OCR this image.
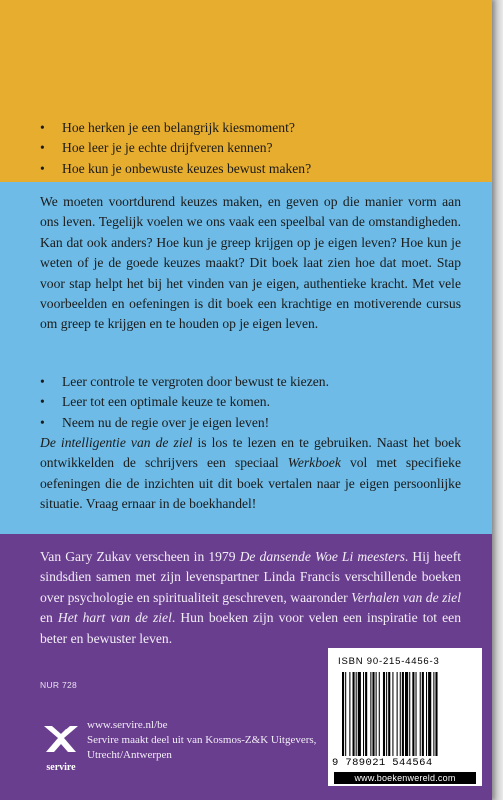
• Hoe herken je een belangrijk kiesmoment?
• Hoe leer je je echte drijfveren kennen?
• Hoe kun je onbewuste keuzes bewust maken?

We moeten voortdurend keuzes maken, en geven op die manier vorm aan ons leven. Tegelijk voelen we ons vaak een speelbal van de omstandigheden. Kan dat ook anders? Hoe kun je greep krijgen op je eigen leven? Hoe kun je weten of je de goede keuzes maakt? Dit boek laat zien hoe dat moet. Stap voor stap helpt het bij het vinden van je eigen, authentieke kracht. Met vele voorbeelden en oefeningen is dit boek een krachtige en motiverende cursus om greep te krijgen en te houden op je eigen leven.

• Leer controle te vergroten door bewust te kiezen.
• Leer tot een optimale keuze te komen.
• Neem nu de regie over je eigen leven!

De intelligentie van de ziel is los te lezen en te gebruiken. Naast het boek ontwikkelden de schrijvers een speciaal Werkboek vol met specifieke oefeningen die de inzichten uit dit boek vertalen naar je eigen persoonlijke situatie. Vraag ernaar in de boekhandel!

Van Gary Zukav verscheen in 1979 De dansende Woe Li meesters. Hij heeft sindsdien samen met zijn levenspartner Linda Francis verschillende boeken over psychologie en spiritualiteit geschreven, waaronder Verhalen van de ziel en Het hart van de ziel. Hun boeken zijn voor velen een inspiratie tot een beter en bewuster leven.

NUR 728
servire
www.servire.nl/be
Servire maakt deel uit van Kosmos-Z&K Uitgevers,
Utrecht/Antwerpen
ISBN 90-215-4456-3
9 789021 544564
www.boekenwereld.com
